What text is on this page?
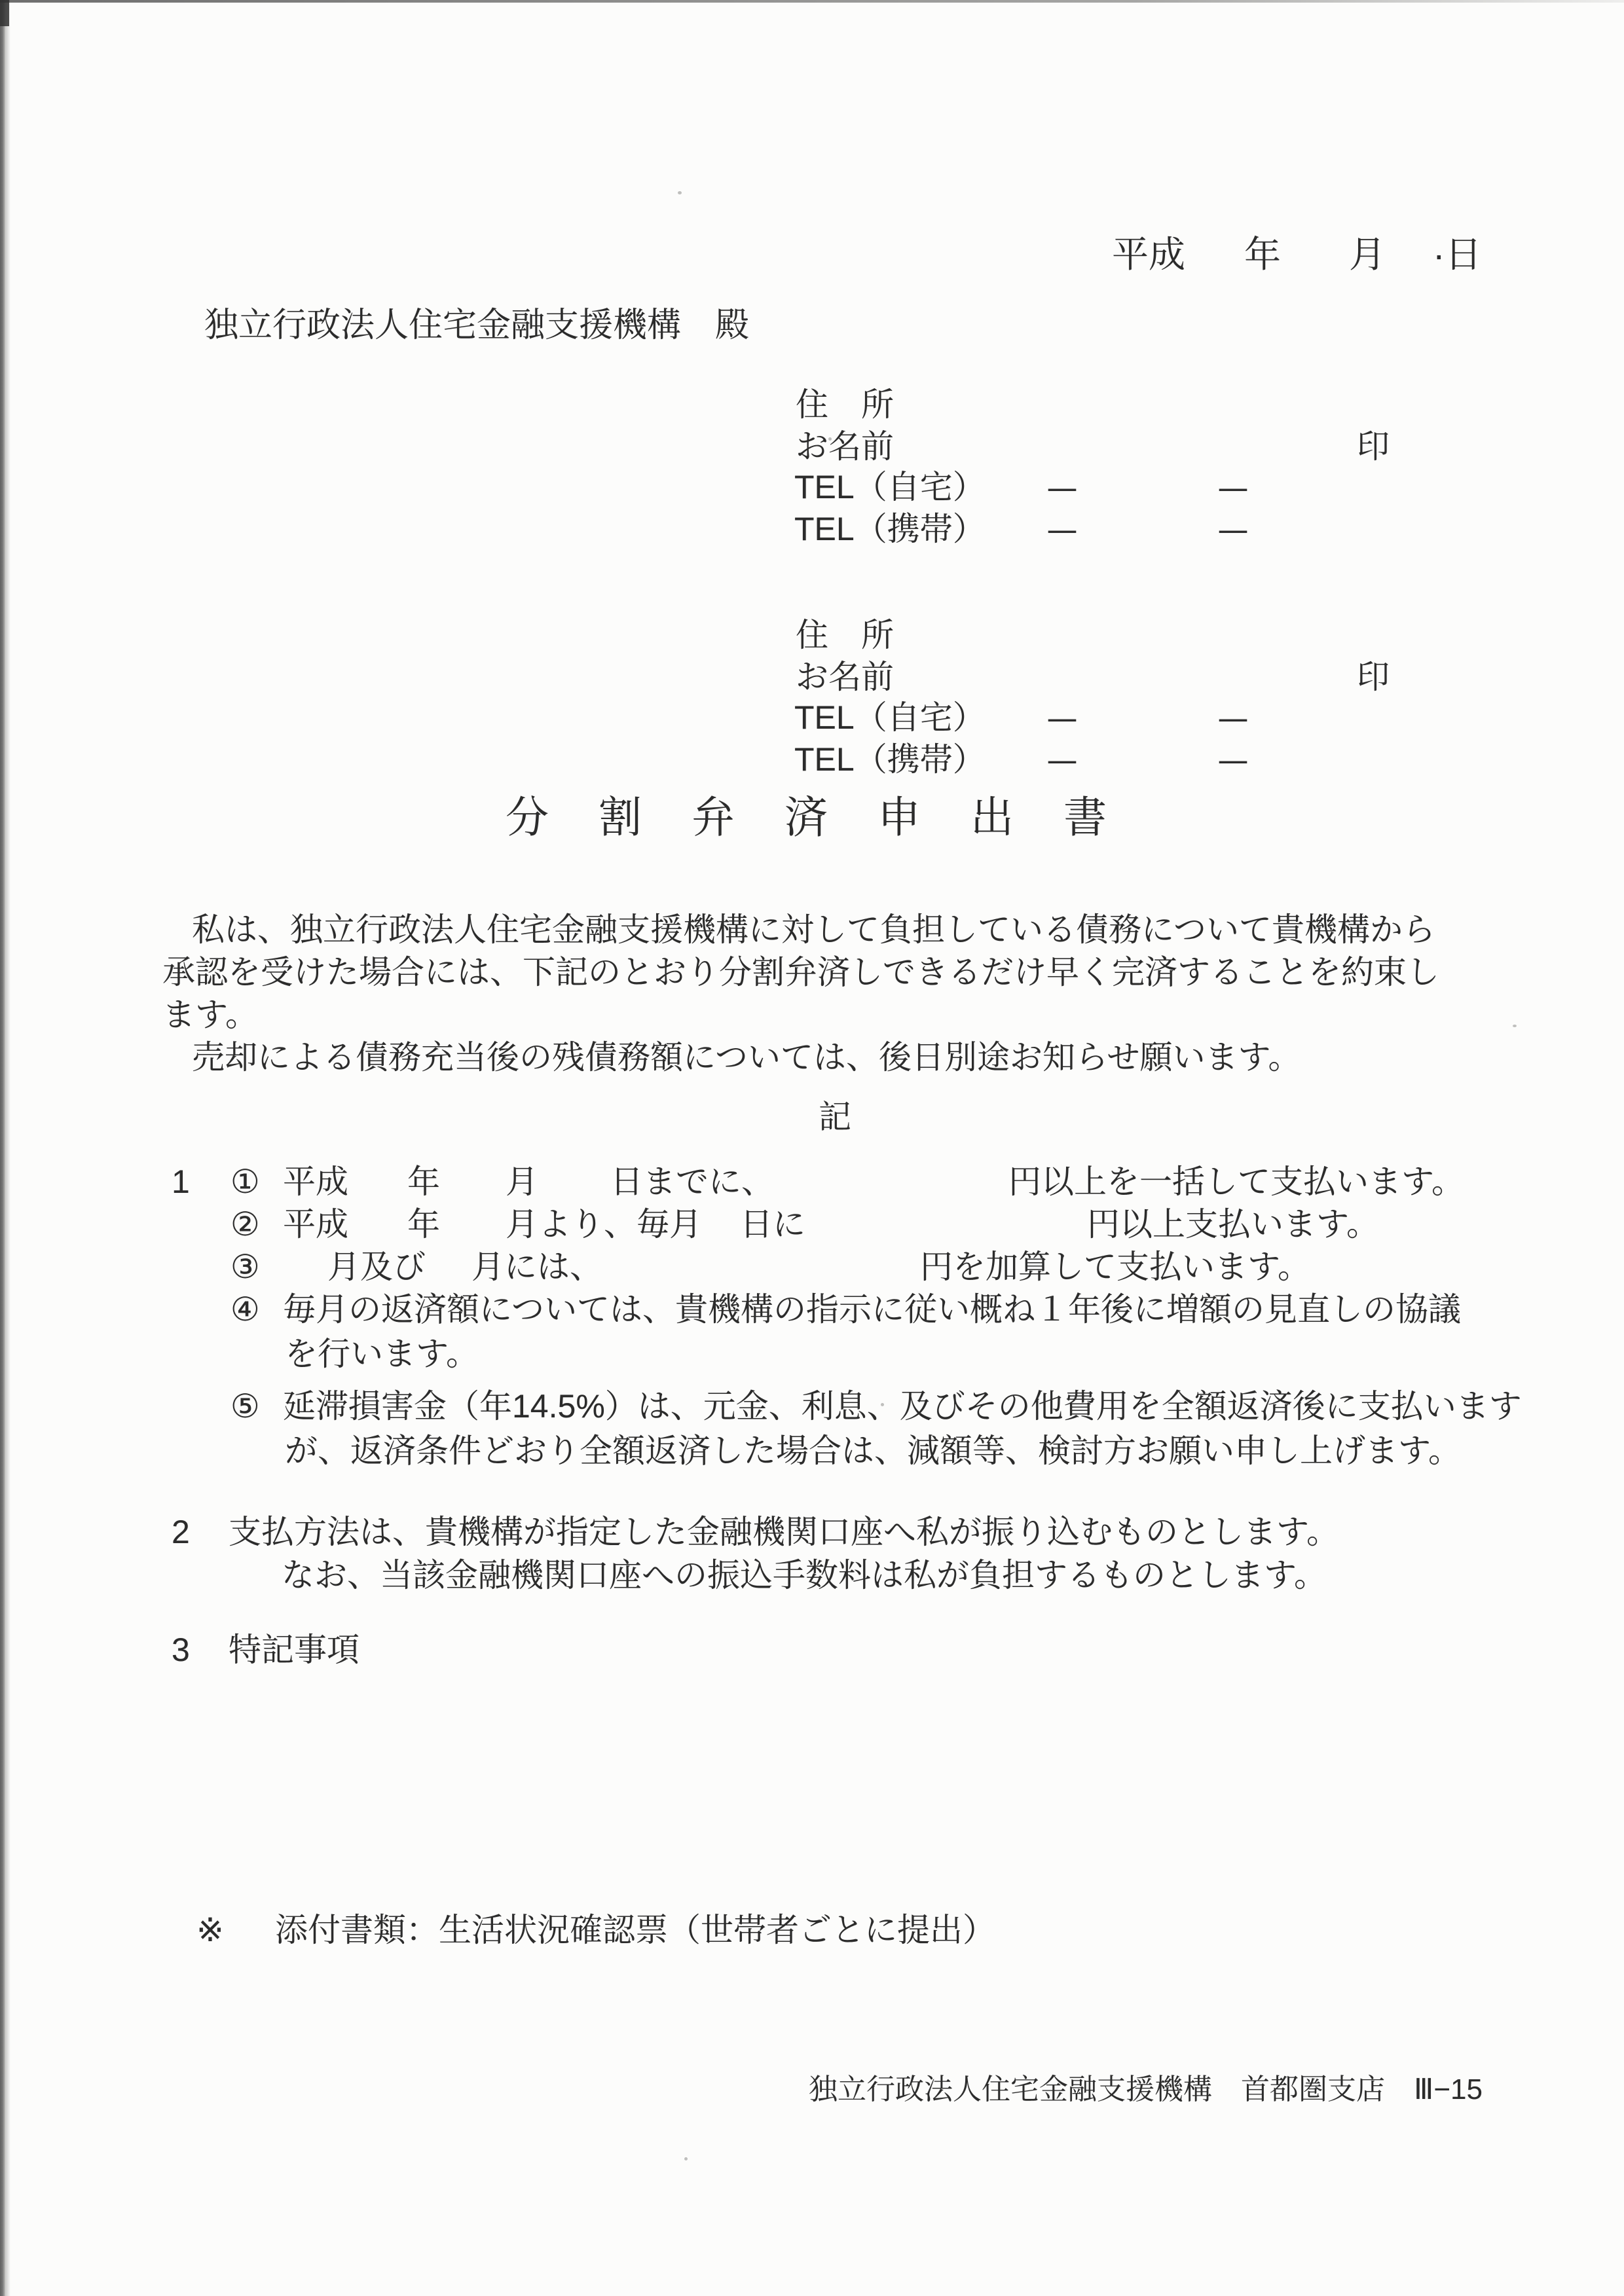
平成 年 月 ·日
独立行政法人住宅金融支援機構　殿
住　所
お名前	印
TEL（自宅） ―	―
TEL（携帯） ―	―
住　所
お名前	印
TEL（自宅） ―	―
TEL（携帯） ―	―
分割弁済申出書
私は、独立行政法人住宅金融支援機構に対して負担している債務について貴機構から
承認を受けた場合には、下記のとおり分割弁済しできるだけ早く完済することを約束し
ます。
売却による債務充当後の残債務額については、後日別途お知らせ願います。
記
1 ① 平成 年 月 日までに、	円以上を一括して支払います。
② 平成 年 月より、毎月 日に	円以上支払います。
③ 月及び 月には、	円を加算して支払います。
④ 毎月の返済額については、貴機構の指示に従い概ね１年後に増額の見直しの協議
を行います。
⑤ 延滞損害金（年14.5%）は、元金、利息、及びその他費用を全額返済後に支払います
が、返済条件どおり全額返済した場合は、減額等、検討方お願い申し上げます。
2 支払方法は、貴機構が指定した金融機関口座へ私が振り込むものとします。
なお、当該金融機関口座への振込手数料は私が負担するものとします。
3 特記事項
※ 添付書類：生活状況確認票（世帯者ごとに提出）
独立行政法人住宅金融支援機構　首都圏支店　Ⅲ−15
